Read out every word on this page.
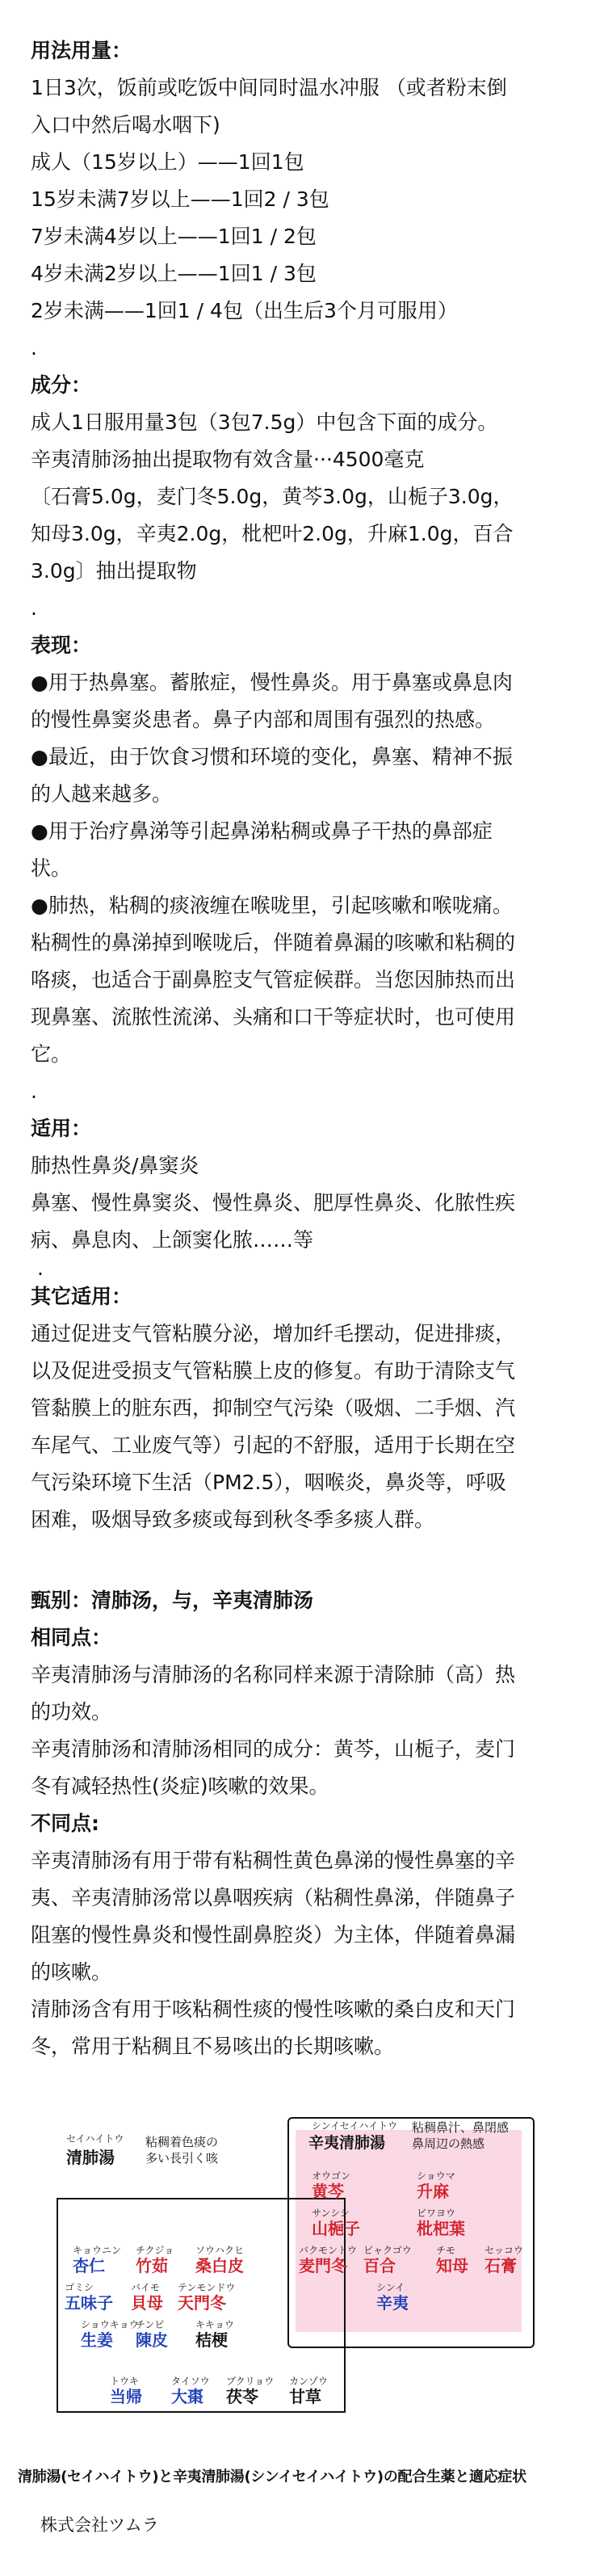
用法用量：

1日3次，饭前或吃饭中间同时温水冲服 （或者粉末倒

入口中然后喝水咽下)

成人（15岁以上）——1回1包

15岁未满7岁以上——1回2 / 3包

7岁未满4岁以上——1回1 / 2包

4岁未满2岁以上——1回1 / 3包

2岁未满——1回1 / 4包（出生后3个月可服用）

.

成分：

成人1日服用量3包（3包7.5g）中包含下面的成分。

辛夷清肺汤抽出提取物有效含量···4500毫克

〔石膏5.0g，麦门冬5.0g，黄芩3.0g，山栀子3.0g，

知母3.0g，辛夷2.0g，枇杷叶2.0g，升麻1.0g，百合

3.0g〕抽出提取物

.

表现：

●用于热鼻塞。蓄脓症，慢性鼻炎。用于鼻塞或鼻息肉

的慢性鼻窦炎患者。鼻子内部和周围有强烈的热感。

●最近，由于饮食习惯和环境的变化，鼻塞、精神不振

的人越来越多。

●用于治疗鼻涕等引起鼻涕粘稠或鼻子干热的鼻部症

状。

●肺热，粘稠的痰液缠在喉咙里，引起咳嗽和喉咙痛。

粘稠性的鼻涕掉到喉咙后，伴随着鼻漏的咳嗽和粘稠的

咯痰，也适合于副鼻腔支气管症候群。当您因肺热而出

现鼻塞、流脓性流涕、头痛和口干等症状时，也可使用

它。

.

适用：

肺热性鼻炎/鼻窦炎

鼻塞、慢性鼻窦炎、慢性鼻炎、肥厚性鼻炎、化脓性疾

病、鼻息肉、上颌窦化脓……等

.

其它适用：

通过促进支气管粘膜分泌，增加纤毛摆动，促进排痰，

以及促进受损支气管粘膜上皮的修复。有助于清除支气

管黏膜上的脏东西，抑制空气污染（吸烟、二手烟、汽

车尾气、工业废气等）引起的不舒服，适用于长期在空

气污染环境下生活（PM2.5），咽喉炎，鼻炎等，呼吸

困难，吸烟导致多痰或每到秋冬季多痰人群。

甄别：清肺汤，与，辛夷清肺汤

相同点：

辛夷清肺汤与清肺汤的名称同样来源于清除肺（高）热

的功效。

辛夷清肺汤和清肺汤相同的成分：黄芩，山栀子，麦门

冬有减轻热性(炎症)咳嗽的效果。

不同点:

辛夷清肺汤有用于带有粘稠性黄色鼻涕的慢性鼻塞的辛

夷、辛夷清肺汤常以鼻咽疾病（粘稠性鼻涕，伴随鼻子

阻塞的慢性鼻炎和慢性副鼻腔炎）为主体，伴随着鼻漏

的咳嗽。

清肺汤含有用于咳粘稠性痰的慢性咳嗽的桑白皮和天门

冬，常用于粘稠且不易咳出的长期咳嗽。

セイハイトウ
清肺湯
粘稠着色痰の
多い長引く咳
シンイセイハイトウ
辛夷清肺湯
粘稠鼻汁、鼻閉感
鼻周辺の熱感
オウゴン
黄芩
ショウマ
升麻
サンシシ
山梔子
ビワヨウ
枇杷葉
バクモントウ
麦門冬
ビャクゴウ
百合
チモ
知母
セッコウ
石膏
シンイ
辛夷
キョウニン
杏仁
チクジョ
竹茹
ソウハクヒ
桑白皮
ゴミシ
五味子
バイモ
貝母
テンモンドウ
天門冬
ショウキョウ
生姜
チンピ
陳皮
キキョウ
桔梗
トウキ
当帰
タイソウ
大棗
ブクリョウ
茯苓
カンゾウ
甘草
清肺湯(セイハイトウ)と辛夷清肺湯(シンイセイハイトウ)の配合生薬と適応症状
株式会社ツムラ
